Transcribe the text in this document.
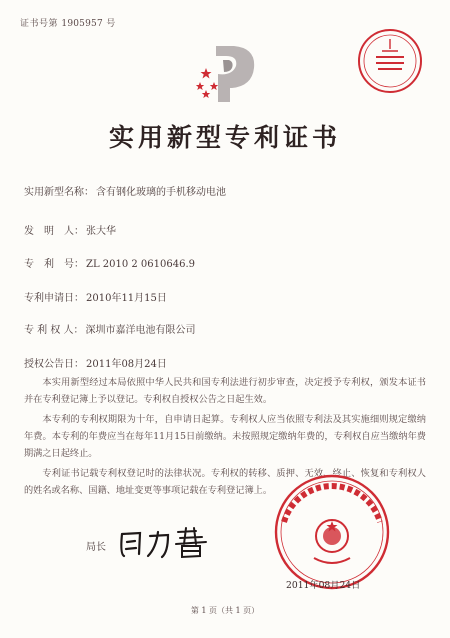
证书号第 1905957 号
实用新型专利证书
实用新型名称： 含有钢化玻璃的手机移动电池
发　明　人： 张大华
专　利　号： ZL 2010 2 0610646.9
专利申请日： 2010年11月15日
专 利 权 人： 深圳市嘉洋电池有限公司
授权公告日： 2011年08月24日

本实用新型经过本局依照中华人民共和国专利法进行初步审查，决定授予专利权，颁发本证书并在专利登记簿上予以登记。专利权自授权公告之日起生效。

本专利的专利权期限为十年，自申请日起算。专利权人应当依照专利法及其实施细则规定缴纳年费。本专利的年费应当在每年11月15日前缴纳。未按照规定缴纳年费的，专利权自应当缴纳年费期满之日起终止。

专利证书记载专利权登记时的法律状况。专利权的转移、质押、无效、终止、恢复和专利权人的姓名或名称、国籍、地址变更等事项记载在专利登记簿上。

局长
2011年08月24日
第 1 页（共 1 页）
